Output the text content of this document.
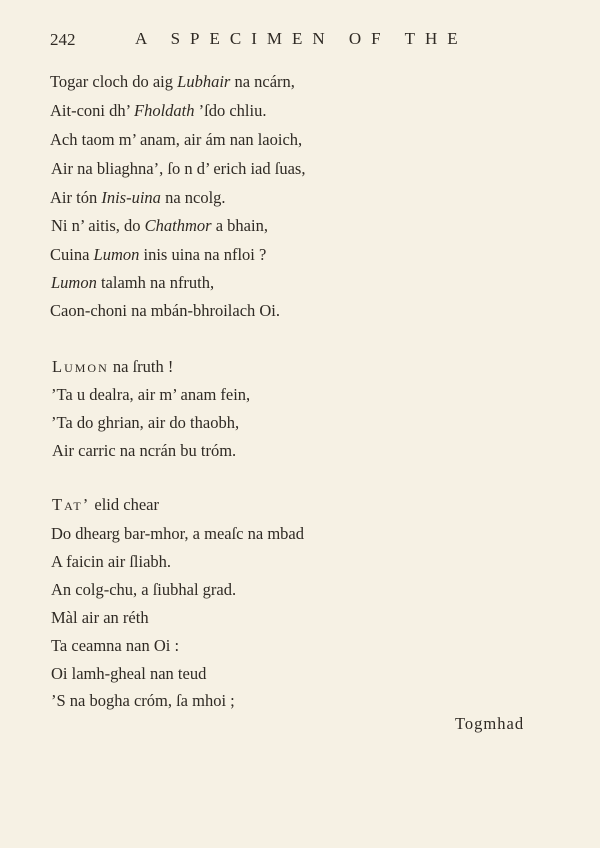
242	A SPECIMEN OF THE
Togar cloch do aig Lubhair na ncárn,
Ait-coni dh’ Fholdath ’ſdo chliu.
Ach taom m’ anam, air ám nan laoich,
Air na bliaghna’, ſo n d’ erich iad ſuas,
Air tón Inis-uina na ncolg.
Ni n’ aitis, do Chathmor a bhain,
Cuina Lumon inis uina na nfloi ?
Lumon talamh na nfruth,
Caon-choni na mbán-bhroilach Oi.
Lumon na ſruth !
’Ta u dealra, air m’ anam fein,
’Ta do ghrian, air do thaobh,
Air carric na ncrán bu tróm.
Tat’ elid chear
Do dhearg bar-mhor, a meaſc na mbad
A faicin air ſliabh.
An colg-chu, a ſiubhal grad.
Màl air an réth
Ta ceamna nan Oi :
Oi lamh-gheal nan teud
’S na bogha cróm, ſa mhoi ;
Togmhad
